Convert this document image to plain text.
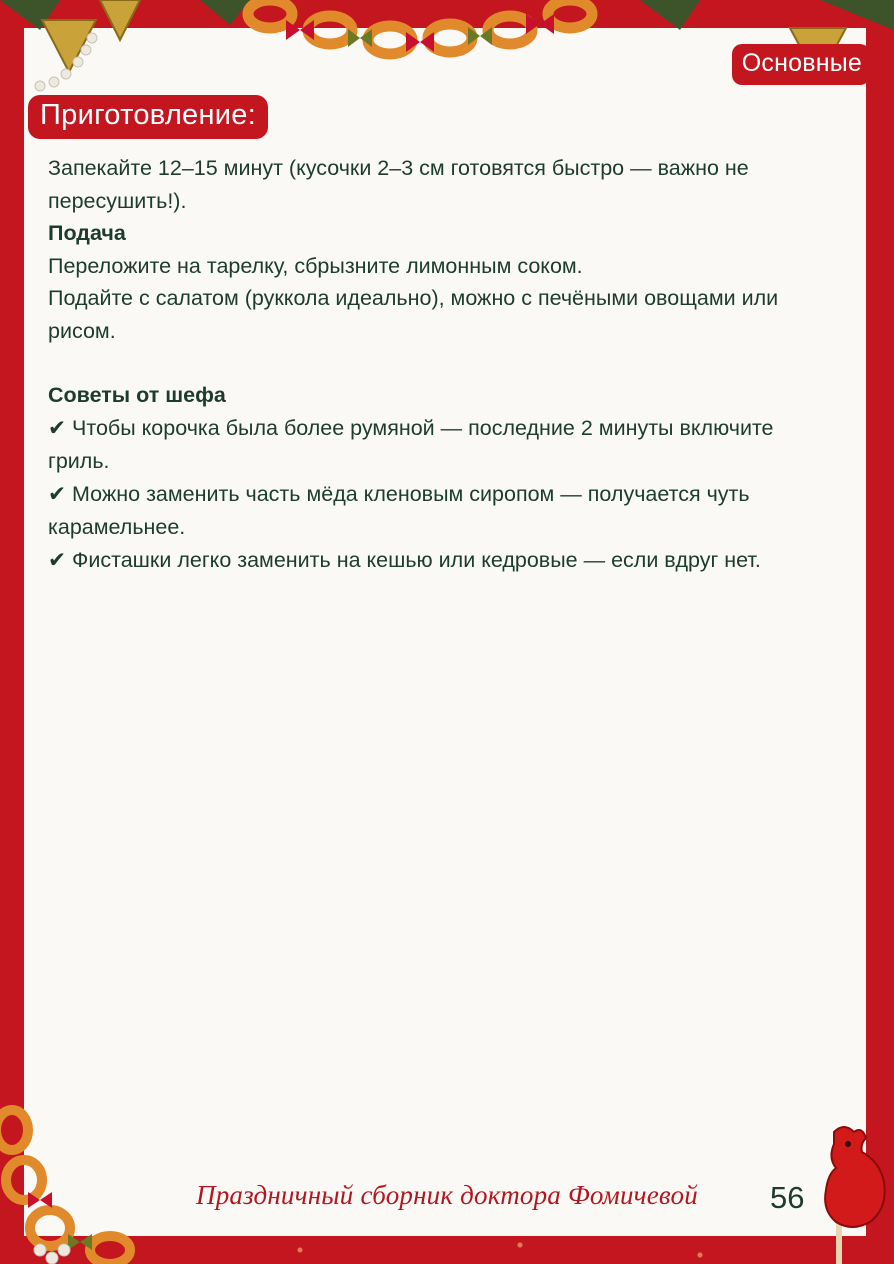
Основные
Приготовление:

Запекайте 12–15 минут (кусочки 2–3 см готовятся быстро — важно не пересушить!).

Подача

Переложите на тарелку, сбрызните лимонным соком.

Подайте с салатом (руккола идеально), можно с печёными овощами или рисом.

Советы от шефа

✔ Чтобы корочка была более румяной — последние 2 минуты включите гриль.

✔ Можно заменить часть мёда кленовым сиропом — получается чуть карамельнее.

✔ Фисташки легко заменить на кешью или кедровые — если вдруг нет.

Праздничный сборник доктора Фомичевой 56
